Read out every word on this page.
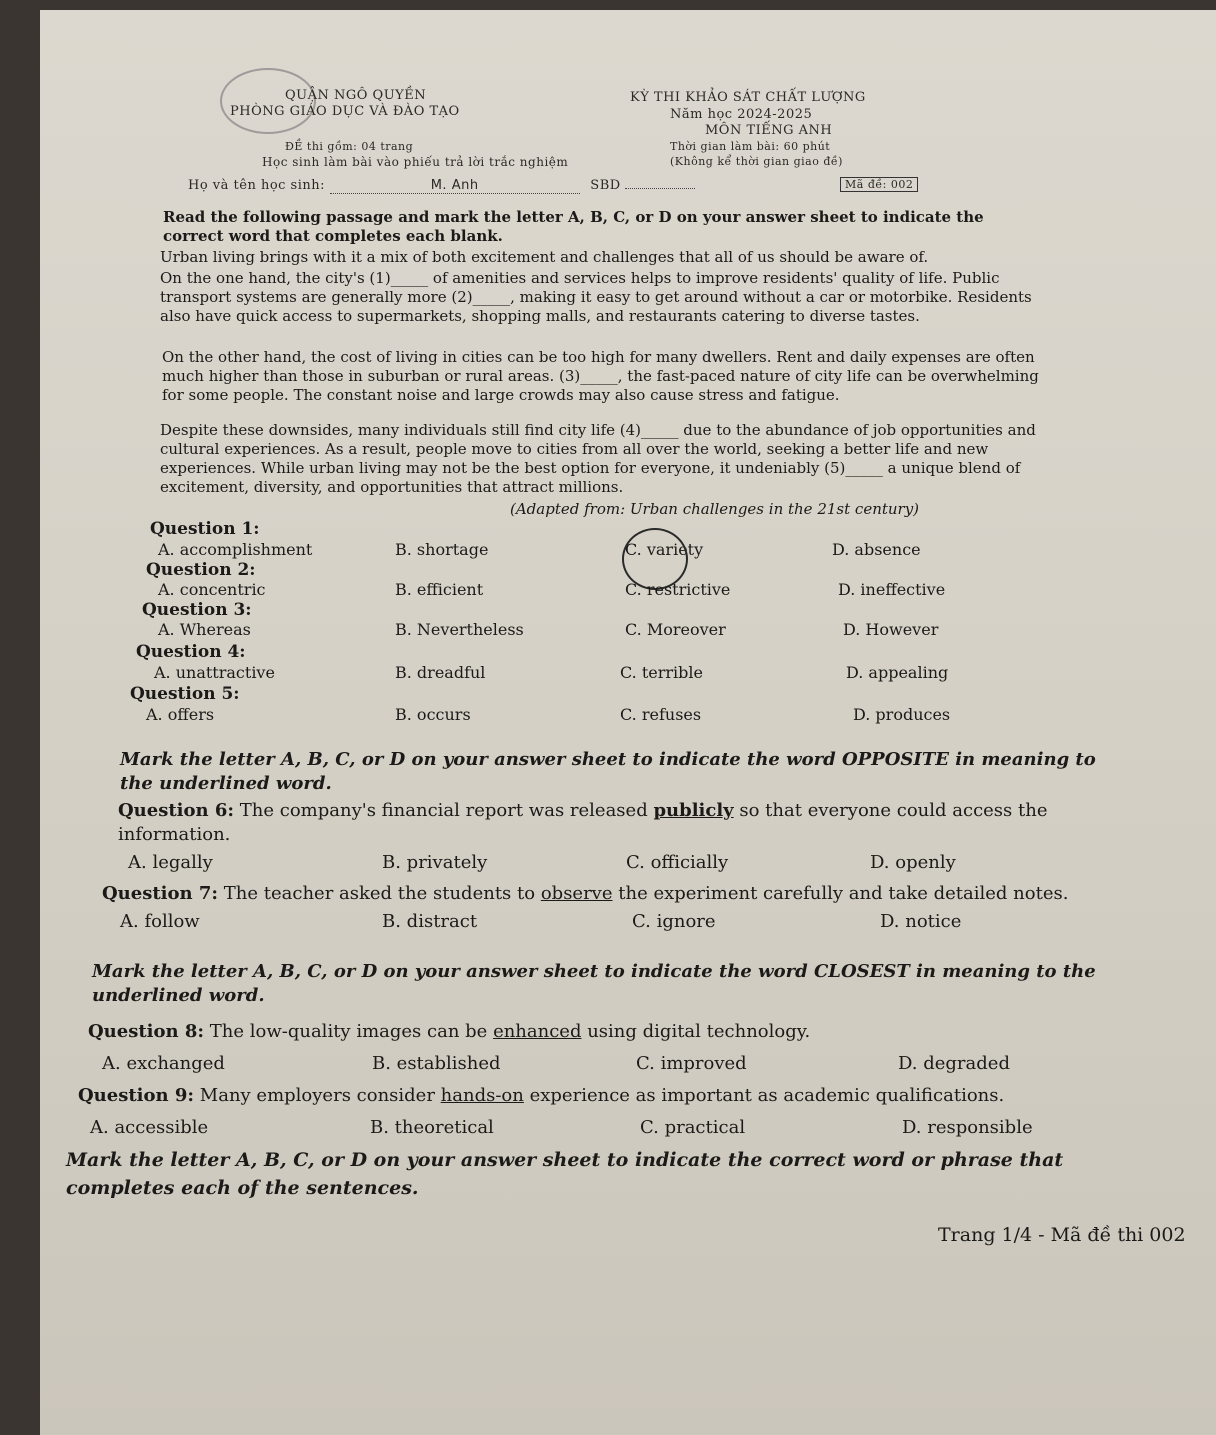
QUẬN NGÔ QUYỀN
PHÒNG GIÁO DỤC VÀ ĐÀO TẠO
ĐỀ thi gồm: 04 trang
Học sinh làm bài vào phiếu trả lời trắc nghiệm
KỲ THI KHẢO SÁT CHẤT LƯỢNG
Năm học 2024-2025
MÔN TIẾNG ANH
Thời gian làm bài: 60 phút
(Không kể thời gian giao đề)
Họ và tên học sinh:	M. Anh	SBD	Mã đề: 002
Read the following passage and mark the letter A, B, C, or D on your answer sheet to indicate the correct word that completes each blank.
Urban living brings with it a mix of both excitement and challenges that all of us should be aware of.
On the one hand, the city's (1)_____ of amenities and services helps to improve residents' quality of life. Public transport systems are generally more (2)_____, making it easy to get around without a car or motorbike. Residents also have quick access to supermarkets, shopping malls, and restaurants catering to diverse tastes.
On the other hand, the cost of living in cities can be too high for many dwellers. Rent and daily expenses are often much higher than those in suburban or rural areas. (3)_____, the fast-paced nature of city life can be overwhelming for some people. The constant noise and large crowds may also cause stress and fatigue.
Despite these downsides, many individuals still find city life (4)_____ due to the abundance of job opportunities and cultural experiences. As a result, people move to cities from all over the world, seeking a better life and new experiences. While urban living may not be the best option for everyone, it undeniably (5)_____ a unique blend of excitement, diversity, and opportunities that attract millions.
(Adapted from: Urban challenges in the 21st century)
Question 1:
A. accomplishment	B. shortage	C. variety	D. absence
Question 2:
A. concentric	B. efficient	C. restrictive	D. ineffective
Question 3:
A. Whereas	B. Nevertheless	C. Moreover	D. However
Question 4:
A. unattractive	B. dreadful	C. terrible	D. appealing
Question 5:
A. offers	B. occurs	C. refuses	D. produces
Mark the letter A, B, C, or D on your answer sheet to indicate the word OPPOSITE in meaning to the underlined word.
Question 6: The company's financial report was released publicly so that everyone could access the information.
A. legally	B. privately	C. officially	D. openly
Question 7: The teacher asked the students to observe the experiment carefully and take detailed notes.
A. follow	B. distract	C. ignore	D. notice
Mark the letter A, B, C, or D on your answer sheet to indicate the word CLOSEST in meaning to the underlined word.
Question 8: The low-quality images can be enhanced using digital technology.
A. exchanged	B. established	C. improved	D. degraded
Question 9: Many employers consider hands-on experience as important as academic qualifications.
A. accessible	B. theoretical	C. practical	D. responsible
Mark the letter A, B, C, or D on your answer sheet to indicate the correct word or phrase that completes each of the sentences.
Trang 1/4 - Mã đề thi 002
